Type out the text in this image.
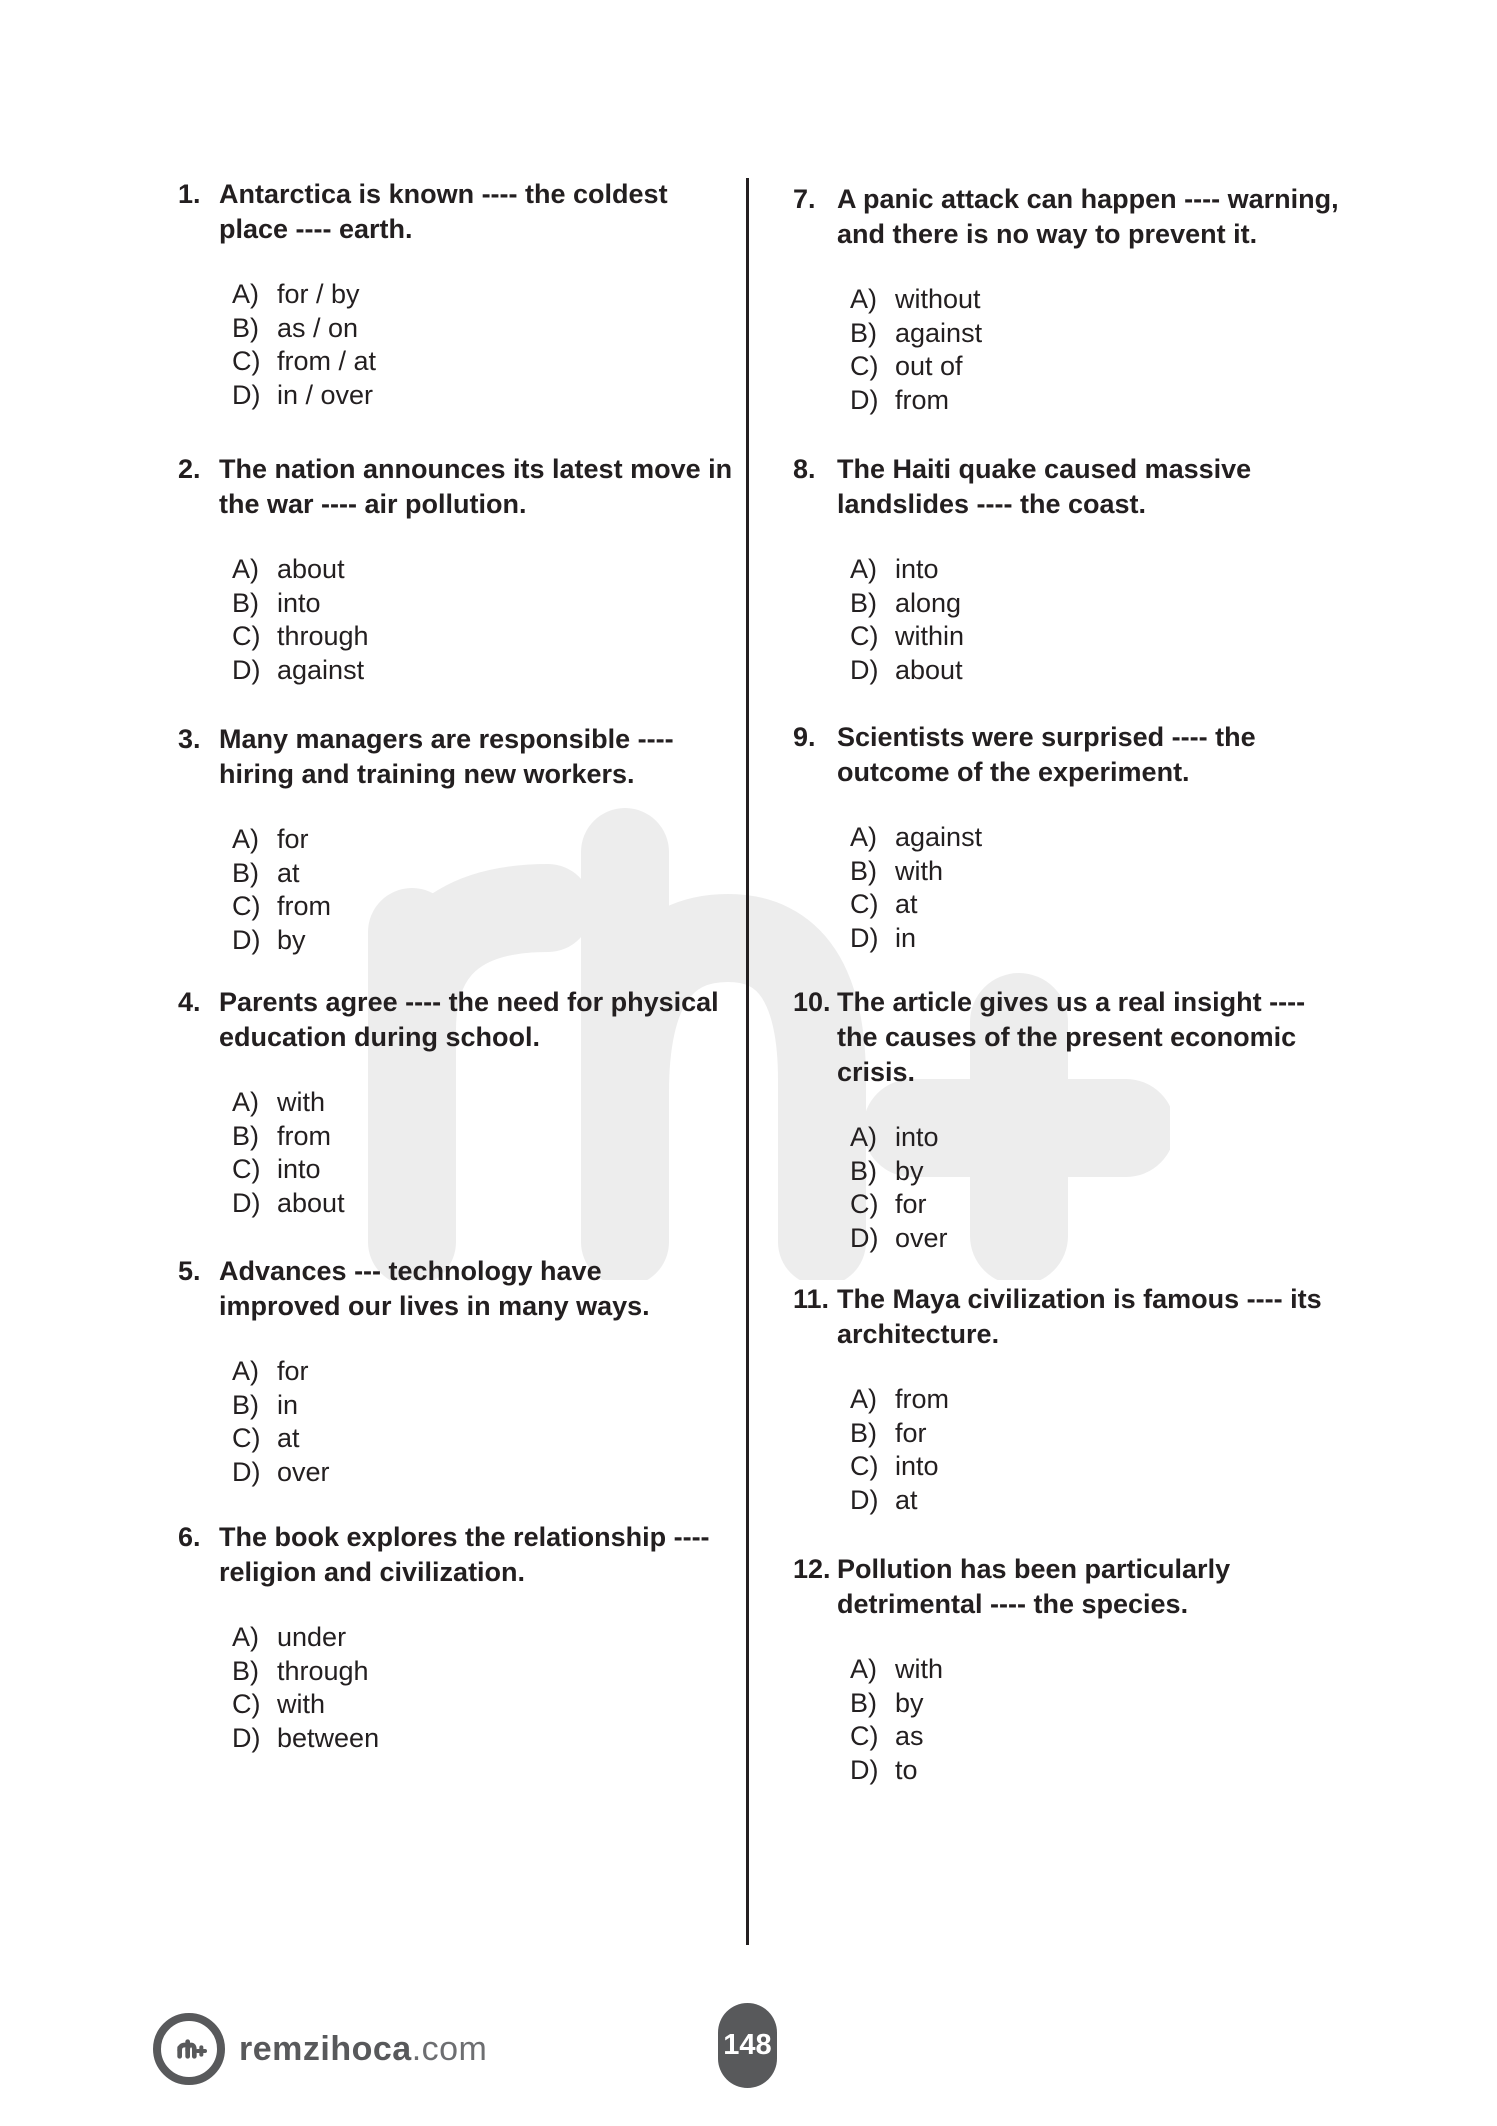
1. Antarctica is known ---- the coldest
place ---- earth.
A) for / by
B) as / on
C) from / at
D) in / over
2. The nation announces its latest move in
the war ---- air pollution.
A) about
B) into
C) through
D) against
3. Many managers are responsible ----
hiring and training new workers.
A) for
B) at
C) from
D) by
4. Parents agree ---- the need for physical
education during school.
A) with
B) from
C) into
D) about
5. Advances --- technology have
improved our lives in many ways.
A) for
B) in
C) at
D) over
6. The book explores the relationship ----
religion and civilization.
A) under
B) through
C) with
D) between
7. A panic attack can happen ---- warning,
and there is no way to prevent it.
A) without
B) against
C) out of
D) from
8. The Haiti quake caused massive
landslides ---- the coast.
A) into
B) along
C) within
D) about
9. Scientists were surprised ---- the
outcome of the experiment.
A) against
B) with
C) at
D) in
10. The article gives us a real insight ----
the causes of the present economic
crisis.
A) into
B) by
C) for
D) over
11. The Maya civilization is famous ---- its
architecture.
A) from
B) for
C) into
D) at
12. Pollution has been particularly
detrimental ---- the species.
A) with
B) by
C) as
D) to
remzihoca.com	148
